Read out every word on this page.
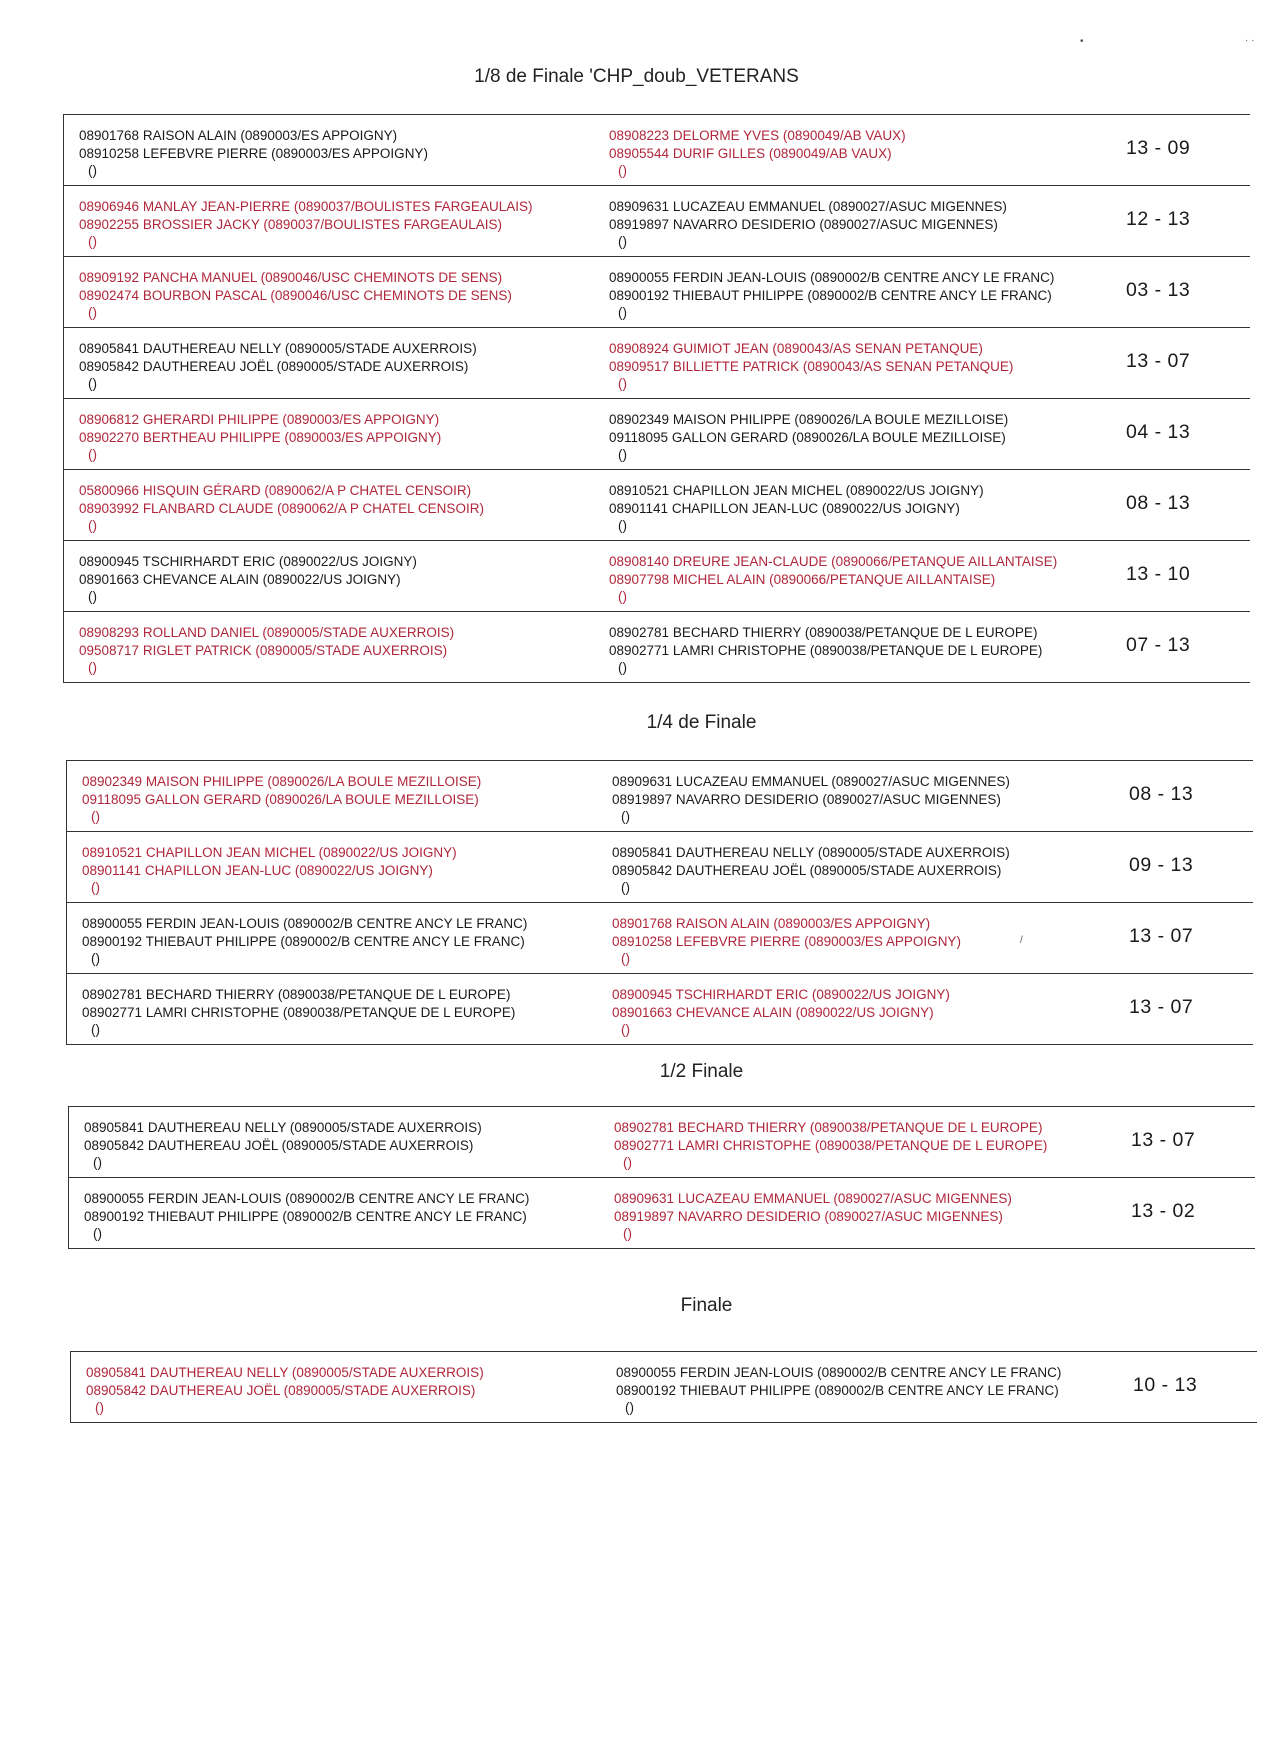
1/8 de Finale 'CHP_doub_VETERANS
08901768 RAISON ALAIN (0890003/ES APPOIGNY)
08910258 LEFEBVRE PIERRE (0890003/ES APPOIGNY)
()
08908223 DELORME YVES (0890049/AB VAUX)
08905544 DURIF GILLES (0890049/AB VAUX)
()
13 - 09
08906946 MANLAY JEAN-PIERRE (0890037/BOULISTES FARGEAULAIS)
08902255 BROSSIER JACKY (0890037/BOULISTES FARGEAULAIS)
()
08909631 LUCAZEAU EMMANUEL (0890027/ASUC MIGENNES)
08919897 NAVARRO DESIDERIO (0890027/ASUC MIGENNES)
()
12 - 13
08909192 PANCHA MANUEL (0890046/USC CHEMINOTS DE SENS)
08902474 BOURBON PASCAL (0890046/USC CHEMINOTS DE SENS)
()
08900055 FERDIN JEAN-LOUIS (0890002/B CENTRE ANCY LE FRANC)
08900192 THIEBAUT PHILIPPE (0890002/B CENTRE ANCY LE FRANC)
()
03 - 13
08905841 DAUTHEREAU NELLY (0890005/STADE AUXERROIS)
08905842 DAUTHEREAU JOËL (0890005/STADE AUXERROIS)
()
08908924 GUIMIOT JEAN (0890043/AS SENAN PETANQUE)
08909517 BILLIETTE PATRICK (0890043/AS SENAN PETANQUE)
()
13 - 07
08906812 GHERARDI PHILIPPE (0890003/ES APPOIGNY)
08902270 BERTHEAU PHILIPPE (0890003/ES APPOIGNY)
()
08902349 MAISON PHILIPPE (0890026/LA BOULE MEZILLOISE)
09118095 GALLON GERARD (0890026/LA BOULE MEZILLOISE)
()
04 - 13
05800966 HISQUIN GÉRARD (0890062/A P CHATEL CENSOIR)
08903992 FLANBARD CLAUDE (0890062/A P CHATEL CENSOIR)
()
08910521 CHAPILLON JEAN MICHEL (0890022/US JOIGNY)
08901141 CHAPILLON JEAN-LUC (0890022/US JOIGNY)
()
08 - 13
08900945 TSCHIRHARDT ERIC (0890022/US JOIGNY)
08901663 CHEVANCE ALAIN (0890022/US JOIGNY)
()
08908140 DREURE JEAN-CLAUDE (0890066/PETANQUE AILLANTAISE)
08907798 MICHEL ALAIN (0890066/PETANQUE AILLANTAISE)
()
13 - 10
08908293 ROLLAND DANIEL (0890005/STADE AUXERROIS)
09508717 RIGLET PATRICK (0890005/STADE AUXERROIS)
()
08902781 BECHARD THIERRY (0890038/PETANQUE DE L EUROPE)
08902771 LAMRI CHRISTOPHE (0890038/PETANQUE DE L EUROPE)
()
07 - 13
1/4 de Finale
08902349 MAISON PHILIPPE (0890026/LA BOULE MEZILLOISE)
09118095 GALLON GERARD (0890026/LA BOULE MEZILLOISE)
()
08909631 LUCAZEAU EMMANUEL (0890027/ASUC MIGENNES)
08919897 NAVARRO DESIDERIO (0890027/ASUC MIGENNES)
()
08 - 13
08910521 CHAPILLON JEAN MICHEL (0890022/US JOIGNY)
08901141 CHAPILLON JEAN-LUC (0890022/US JOIGNY)
()
08905841 DAUTHEREAU NELLY (0890005/STADE AUXERROIS)
08905842 DAUTHEREAU JOËL (0890005/STADE AUXERROIS)
()
09 - 13
08900055 FERDIN JEAN-LOUIS (0890002/B CENTRE ANCY LE FRANC)
08900192 THIEBAUT PHILIPPE (0890002/B CENTRE ANCY LE FRANC)
()
08901768 RAISON ALAIN (0890003/ES APPOIGNY)
08910258 LEFEBVRE PIERRE (0890003/ES APPOIGNY)
()
13 - 07
08902781 BECHARD THIERRY (0890038/PETANQUE DE L EUROPE)
08902771 LAMRI CHRISTOPHE (0890038/PETANQUE DE L EUROPE)
()
08900945 TSCHIRHARDT ERIC (0890022/US JOIGNY)
08901663 CHEVANCE ALAIN (0890022/US JOIGNY)
()
13 - 07
1/2 Finale
08905841 DAUTHEREAU NELLY (0890005/STADE AUXERROIS)
08905842 DAUTHEREAU JOËL (0890005/STADE AUXERROIS)
()
08902781 BECHARD THIERRY (0890038/PETANQUE DE L EUROPE)
08902771 LAMRI CHRISTOPHE (0890038/PETANQUE DE L EUROPE)
()
13 - 07
08900055 FERDIN JEAN-LOUIS (0890002/B CENTRE ANCY LE FRANC)
08900192 THIEBAUT PHILIPPE (0890002/B CENTRE ANCY LE FRANC)
()
08909631 LUCAZEAU EMMANUEL (0890027/ASUC MIGENNES)
08919897 NAVARRO DESIDERIO (0890027/ASUC MIGENNES)
()
13 - 02
Finale
08905841 DAUTHEREAU NELLY (0890005/STADE AUXERROIS)
08905842 DAUTHEREAU JOËL (0890005/STADE AUXERROIS)
()
08900055 FERDIN JEAN-LOUIS (0890002/B CENTRE ANCY LE FRANC)
08900192 THIEBAUT PHILIPPE (0890002/B CENTRE ANCY LE FRANC)
()
10 - 13
•	· ·
/
